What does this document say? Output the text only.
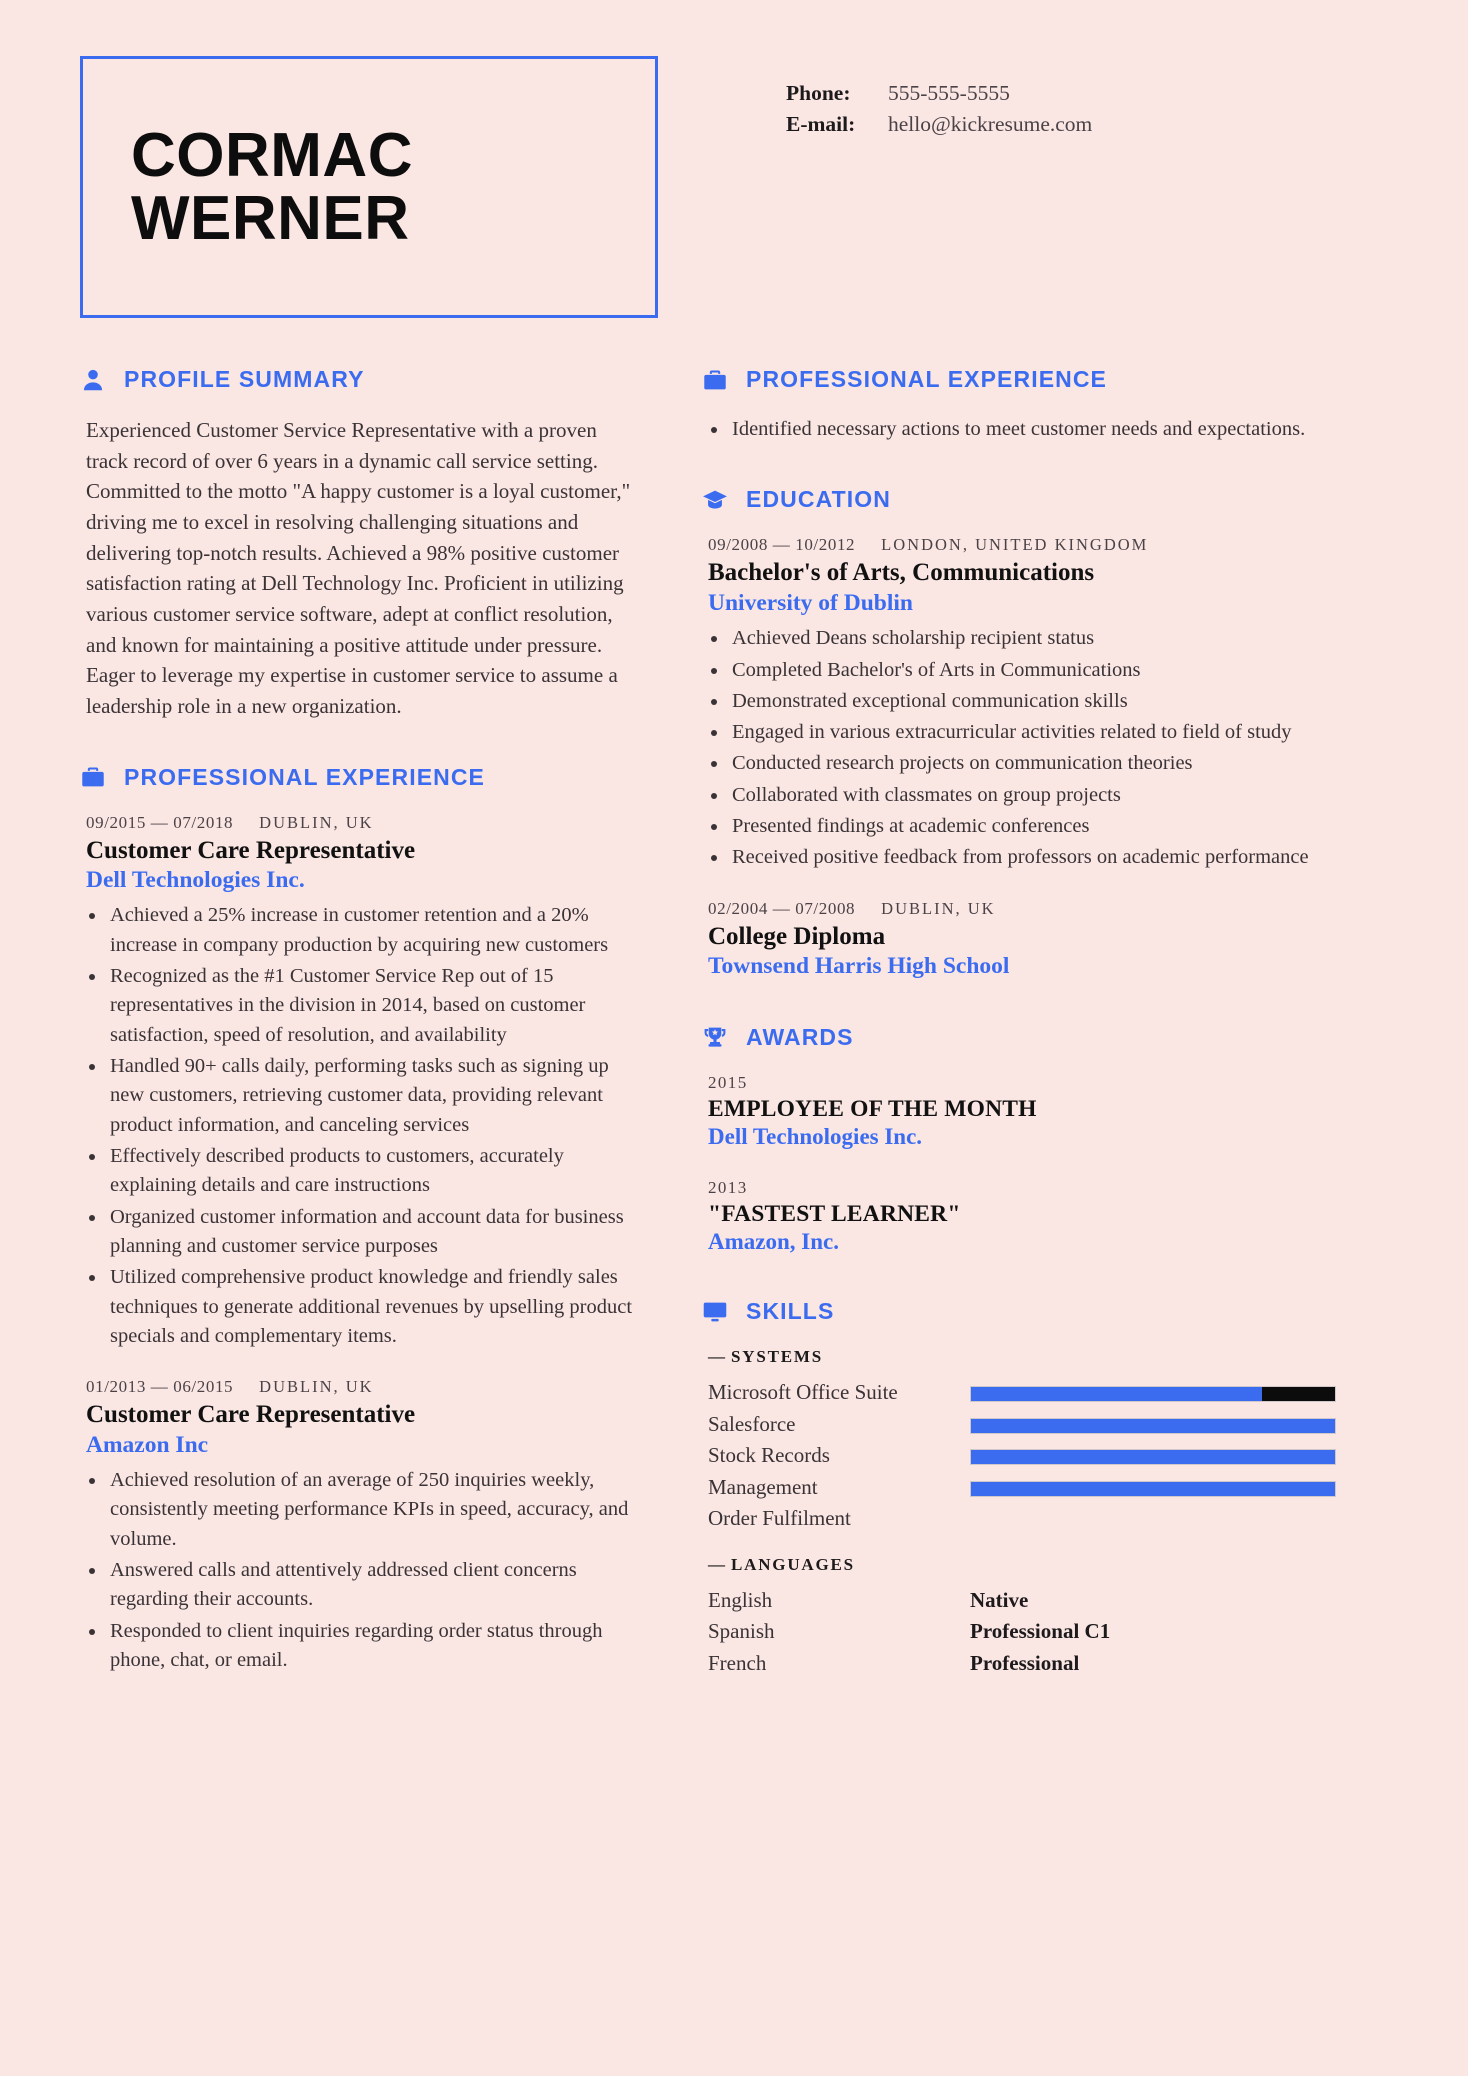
CORMAC
WERNER
Phone:	555-555-5555
E-mail:	hello@kickresume.com
PROFILE SUMMARY

Experienced Customer Service Representative with a proven track record of over 6 years in a dynamic call service setting. Committed to the motto "A happy customer is a loyal customer," driving me to excel in resolving challenging situations and delivering top-notch results. Achieved a 98% positive customer satisfaction rating at Dell Technology Inc. Proficient in utilizing various customer service software, adept at conflict resolution, and known for maintaining a positive attitude under pressure. Eager to leverage my expertise in customer service to assume a leadership role in a new organization.

PROFESSIONAL EXPERIENCE
09/2015 — 07/2018 DUBLIN, UK
Customer Care Representative
Dell Technologies Inc.
Achieved a 25% increase in customer retention and a 20% increase in company production by acquiring new customers
Recognized as the #1 Customer Service Rep out of 15 representatives in the division in 2014, based on customer satisfaction, speed of resolution, and availability
Handled 90+ calls daily, performing tasks such as signing up new customers, retrieving customer data, providing relevant product information, and canceling services
Effectively described products to customers, accurately explaining details and care instructions
Organized customer information and account data for business planning and customer service purposes
Utilized comprehensive product knowledge and friendly sales techniques to generate additional revenues by upselling product specials and complementary items.
01/2013 — 06/2015 DUBLIN, UK
Customer Care Representative
Amazon Inc
Achieved resolution of an average of 250 inquiries weekly, consistently meeting performance KPIs in speed, accuracy, and volume.
Answered calls and attentively addressed client concerns regarding their accounts.
Responded to client inquiries regarding order status through phone, chat, or email.
PROFESSIONAL EXPERIENCE
Identified necessary actions to meet customer needs and expectations.
EDUCATION
09/2008 — 10/2012 LONDON, UNITED KINGDOM
Bachelor's of Arts, Communications
University of Dublin
Achieved Deans scholarship recipient status
Completed Bachelor's of Arts in Communications
Demonstrated exceptional communication skills
Engaged in various extracurricular activities related to field of study
Conducted research projects on communication theories
Collaborated with classmates on group projects
Presented findings at academic conferences
Received positive feedback from professors on academic performance
02/2004 — 07/2008 DUBLIN, UK
College Diploma
Townsend Harris High School
AWARDS
2015
EMPLOYEE OF THE MONTH
Dell Technologies Inc.
2013
"FASTEST LEARNER"
Amazon, Inc.
SKILLS
— SYSTEMS
Microsoft Office Suite
Salesforce
Stock Records
Management
Order Fulfilment
— LANGUAGES
English
Spanish
French
Native
Professional C1
Professional
